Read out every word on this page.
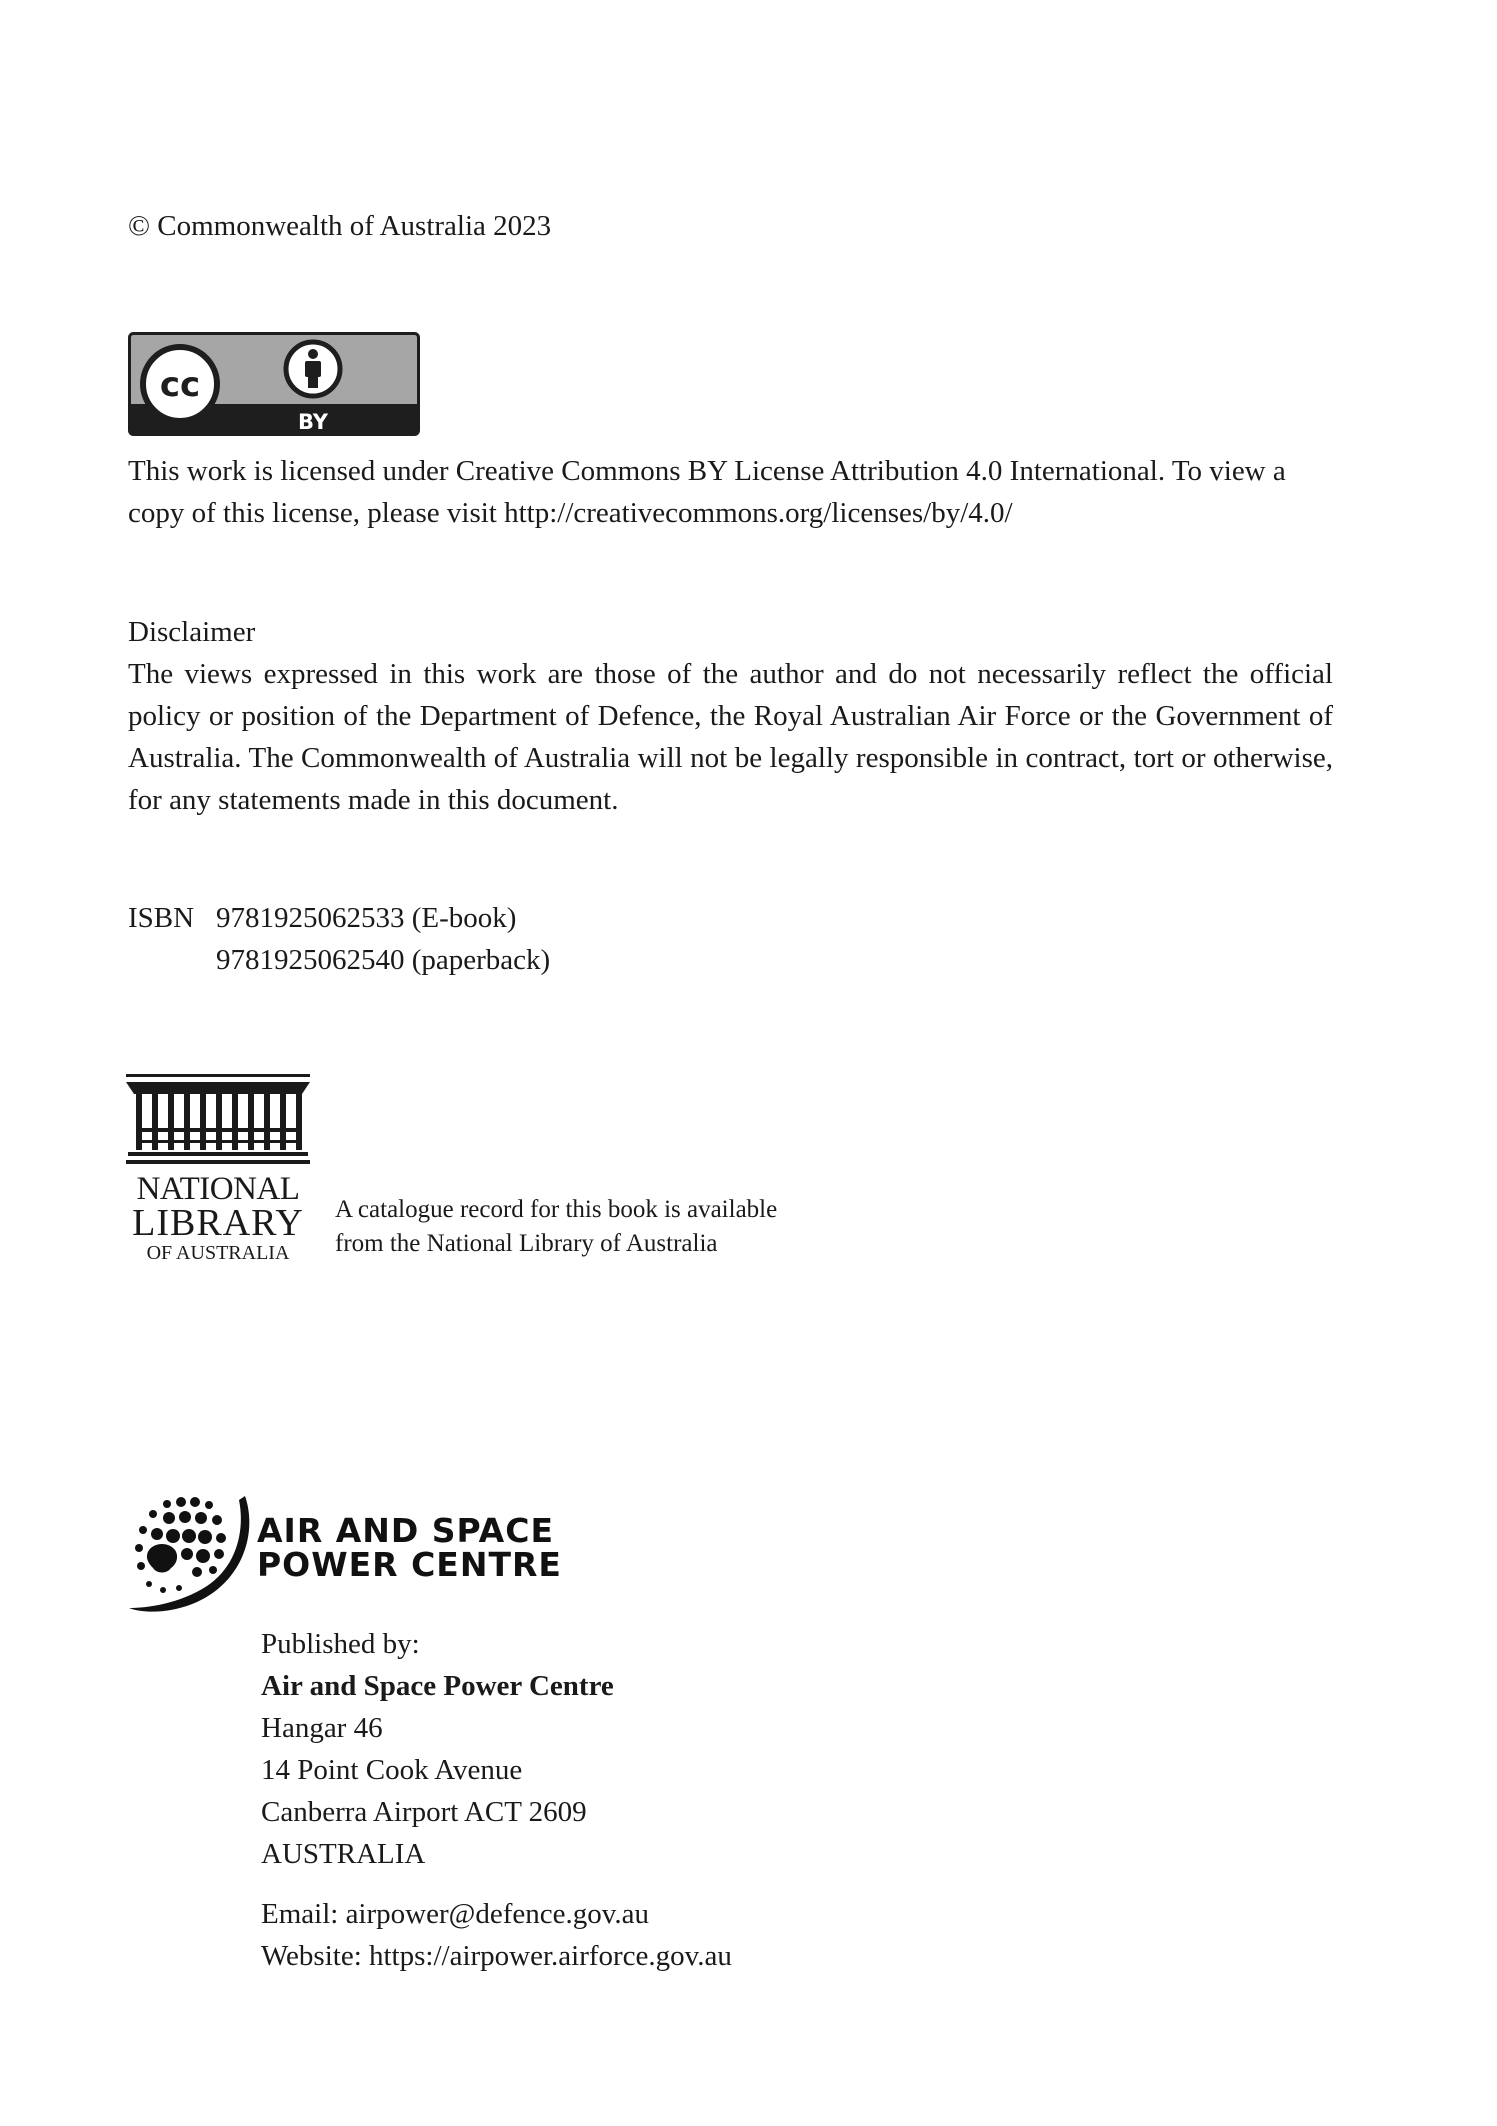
© Commonwealth of Australia 2023
cc
BY
This work is licensed under Creative Commons BY License Attribution 4.0 International. To view a copy of this license, please visit http://creativecommons.org/licenses/by/4.0/
Disclaimer
The views expressed in this work are those of the author and do not necessarily reflect the official policy or position of the Department of Defence, the Royal Australian Air Force or the Government of Australia. The Commonwealth of Australia will not be legally responsible in contract, tort or otherwise, for any statements made in this document.
ISBN 9781925062533 (E-book)
9781925062540 (paperback)
NATIONAL
LIBRARY
OF AUSTRALIA
A catalogue record for this book is available
from the National Library of Australia
AIR AND SPACE
POWER CENTRE
Published by:
Air and Space Power Centre
Hangar 46
14 Point Cook Avenue
Canberra Airport ACT 2609
AUSTRALIA
Email: airpower@defence.gov.au
Website: https://airpower.airforce.gov.au
